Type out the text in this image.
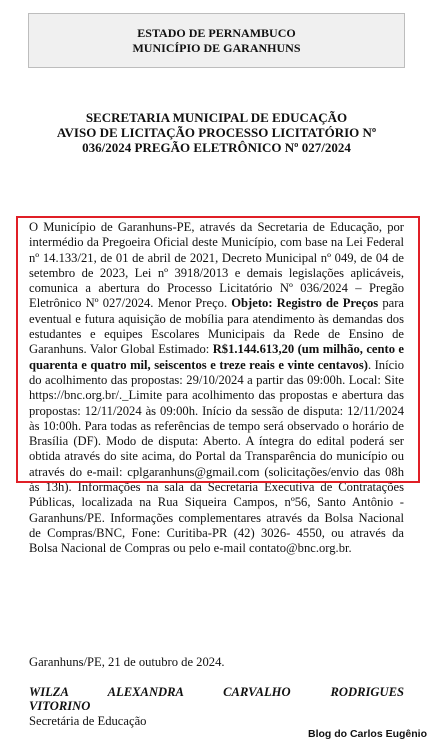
ESTADO DE PERNAMBUCO
MUNICÍPIO DE GARANHUNS
SECRETARIA MUNICIPAL DE EDUCAÇÃO
AVISO DE LICITAÇÃO PROCESSO LICITATÓRIO Nº
036/2024 PREGÃO ELETRÔNICO Nº 027/2024

O Município de Garanhuns-PE, através da Secretaria de Educação, por intermédio da Pregoeira Oficial deste Município, com base na Lei Federal nº 14.133/21, de 01 de abril de 2021, Decreto Municipal nº 049, de 04 de setembro de 2023, Lei nº 3918/2013 e demais legislações aplicáveis, comunica a abertura do Processo Licitatório Nº 036/2024 – Pregão Eletrônico Nº 027/2024. Menor Preço. Objeto: Registro de Preços para eventual e futura aquisição de mobília para atendimento às demandas dos estudantes e equipes Escolares Municipais da Rede de Ensino de Garanhuns. Valor Global Estimado: R$1.144.613,20 (um milhão, cento e quarenta e quatro mil, seiscentos e treze reais e vinte centavos). Início do acolhimento das propostas: 29/10/2024 a partir das 09:00h. Local: Site https://bnc.org.br/._Limite para acolhimento das propostas e abertura das propostas: 12/11/2024 às 09:00h. Início da sessão de disputa: 12/11/2024 às 10:00h. Para todas as referências de tempo será observado o horário de Brasília (DF). Modo de disputa: Aberto. A íntegra do edital poderá ser obtida através do site acima, do Portal da Transparência do município ou através do e-mail: cplgaranhuns@gmail.com (solicitações/envio das 08h às 13h). Informações na sala da Secretaria Executiva de Contratações Públicas, localizada na Rua Siqueira Campos, nº56, Santo Antônio - Garanhuns/PE. Informações complementares através da Bolsa Nacional de Compras/BNC, Fone: Curitiba-PR (42) 3026- 4550, ou através da Bolsa Nacional de Compras ou pelo e-mail contato@bnc.org.br.

Garanhuns/PE, 21 de outubro de 2024.
WILZA ALEXANDRA CARVALHO RODRIGUES
VITORINO
Secretária de Educação
Blog do Carlos Eugênio
